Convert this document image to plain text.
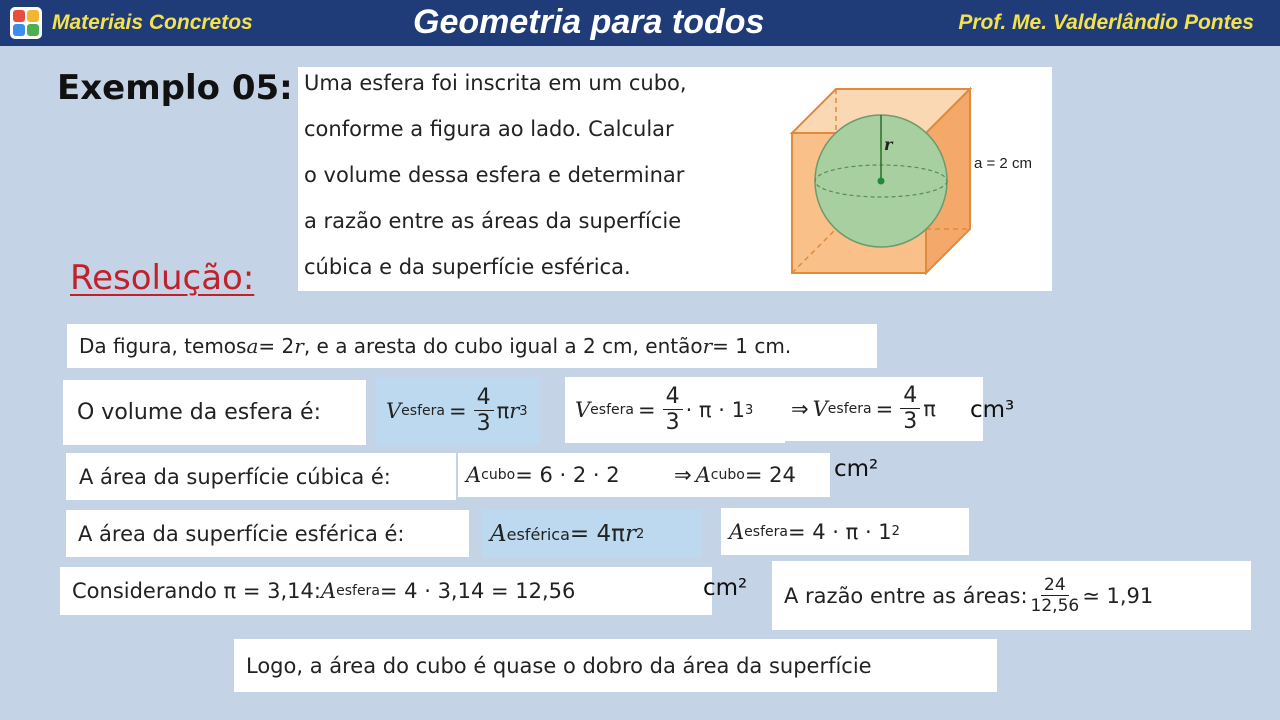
Materiais Concretos	Geometria para todos	Prof. Me. Valderlândio Pontes
Exemplo 05: Uma esfera foi inscrita em um cubo,
conforme a figura ao lado. Calcular
o volume dessa esfera e determinar
a razão entre as áreas da superfície
cúbica e da superfície esférica.
r
a = 2 cm
Resolução:
Da figura, temos a = 2 r , e a aresta do cubo igual a 2 cm, então r = 1 cm.
O volume da esfera é:	V esfera = $\frac{4}{3}$ π r 3 V esfera = $\frac{4}{3} \cdot \pi \cdot 1$ 3 ⇒ V esfera = $\frac{4}{3}$ π cm³
A área da superfície cúbica é:	A cubo = 6 · 2 · 2	⇒ A cubo = 24 cm²
A área da superfície esférica é:	A esférica = 4π r 2	A esfera = 4 · π · 1 2
Considerando π = 3,14: A esfera = 4 · 3,14 = 12,56	cm² A razão entre as áreas: $\frac{24}{12,56}$ ≃ 1,91
Logo, a área do cubo é quase o dobro da área da superfície
